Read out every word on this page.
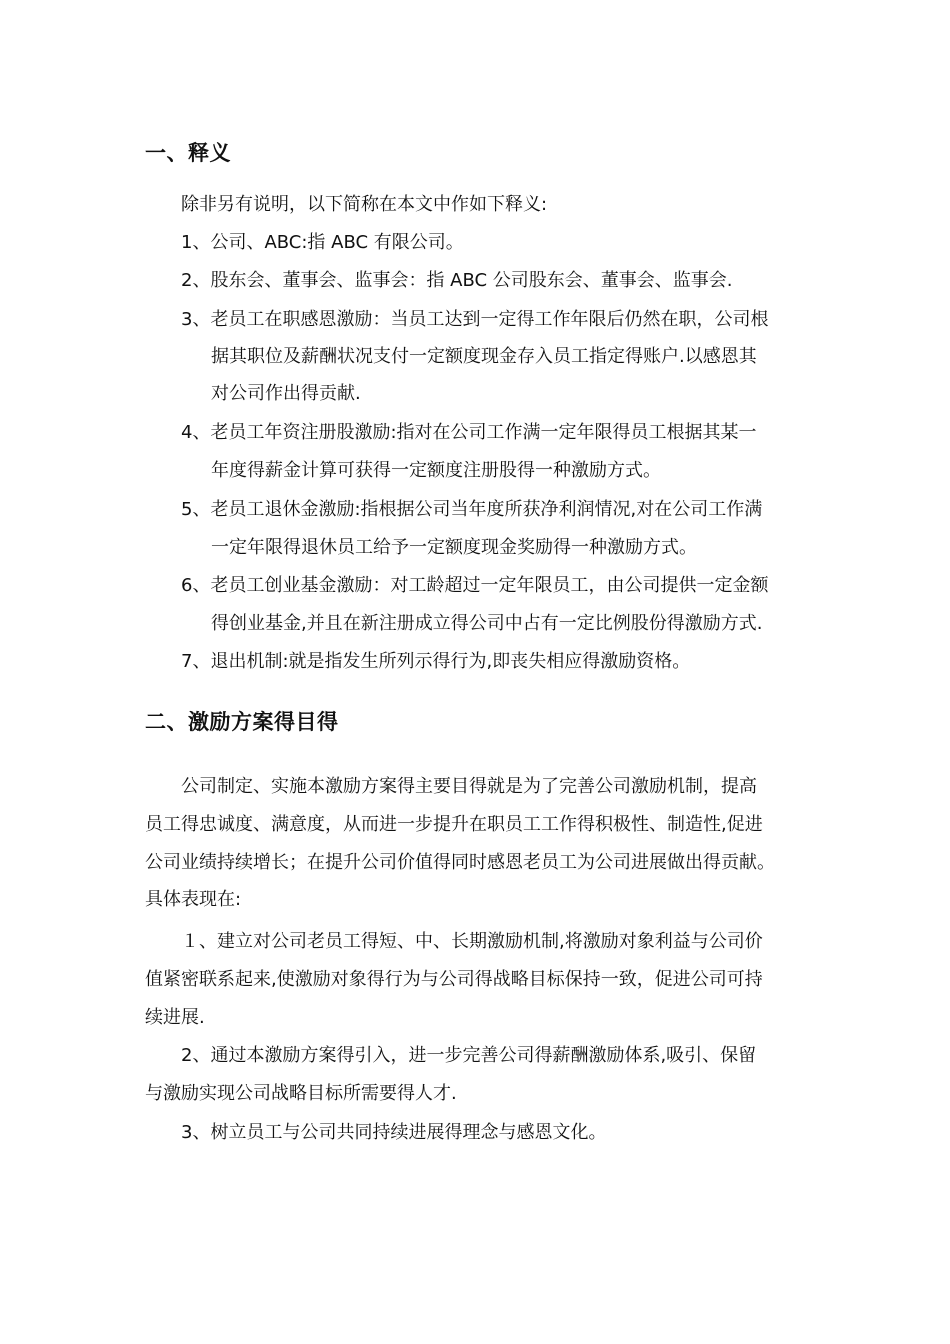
一、释义
除非另有说明，以下简称在本文中作如下释义:
1、公司、ABC:指 ABC 有限公司。
2、股东会、董事会、监事会：指 ABC 公司股东会、董事会、监事会.
3、老员工在职感恩激励：当员工达到一定得工作年限后仍然在职，公司根
据其职位及薪酬状况支付一定额度现金存入员工指定得账户.以感恩其
对公司作出得贡献.
4、老员工年资注册股激励:指对在公司工作满一定年限得员工根据其某一
年度得薪金计算可获得一定额度注册股得一种激励方式。
5、老员工退休金激励:指根据公司当年度所获净利润情况,对在公司工作满
一定年限得退休员工给予一定额度现金奖励得一种激励方式。
6、老员工创业基金激励：对工龄超过一定年限员工，由公司提供一定金额
得创业基金,并且在新注册成立得公司中占有一定比例股份得激励方式.
7、退出机制:就是指发生所列示得行为,即丧失相应得激励资格。
二、激励方案得目得
公司制定、实施本激励方案得主要目得就是为了完善公司激励机制，提高
员工得忠诚度、满意度，从而进一步提升在职员工工作得积极性、制造性,促进
公司业绩持续增长；在提升公司价值得同时感恩老员工为公司进展做出得贡献。
具体表现在:
１、建立对公司老员工得短、中、长期激励机制,将激励对象利益与公司价
值紧密联系起来,使激励对象得行为与公司得战略目标保持一致，促进公司可持
续进展.
2、通过本激励方案得引入，进一步完善公司得薪酬激励体系,吸引、保留
与激励实现公司战略目标所需要得人才.
3、树立员工与公司共同持续进展得理念与感恩文化。
